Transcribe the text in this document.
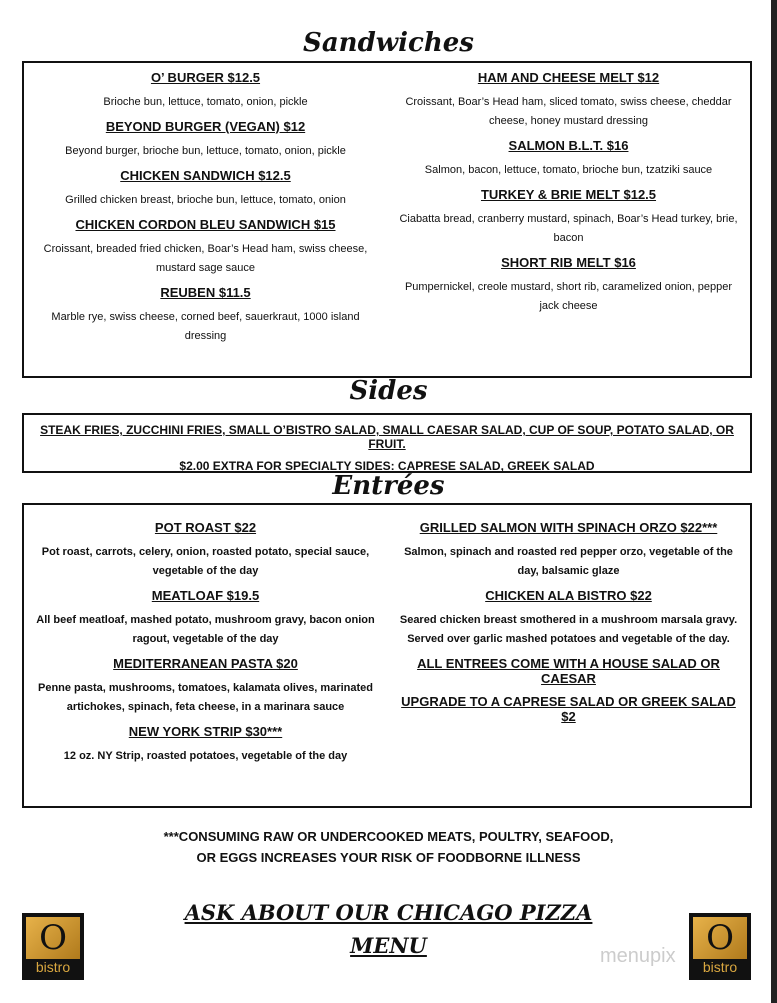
Sandwiches
O’ BURGER $12.5
Brioche bun, lettuce, tomato, onion, pickle
BEYOND BURGER (VEGAN) $12
Beyond burger, brioche bun, lettuce, tomato, onion, pickle
CHICKEN SANDWICH $12.5
Grilled chicken breast, brioche bun, lettuce, tomato, onion
CHICKEN CORDON BLEU SANDWICH $15
Croissant, breaded fried chicken, Boar’s Head ham, swiss cheese, mustard sage sauce
REUBEN $11.5
Marble rye, swiss cheese, corned beef, sauerkraut, 1000 island dressing
HAM AND CHEESE MELT $12
Croissant, Boar’s Head ham, sliced tomato, swiss cheese, cheddar cheese, honey mustard dressing
SALMON B.L.T. $16
Salmon, bacon, lettuce, tomato, brioche bun, tzatziki sauce
TURKEY & BRIE MELT $12.5
Ciabatta bread, cranberry mustard, spinach, Boar’s Head turkey, brie, bacon
SHORT RIB MELT $16
Pumpernickel, creole mustard, short rib, caramelized onion, pepper jack cheese
Sides
STEAK FRIES, ZUCCHINI FRIES, SMALL O’BISTRO SALAD, SMALL CAESAR SALAD, CUP OF SOUP, POTATO SALAD, OR FRUIT.
$2.00 EXTRA FOR SPECIALTY SIDES: CAPRESE SALAD, GREEK SALAD
Entrées
POT ROAST $22
Pot roast, carrots, celery, onion, roasted potato, special sauce, vegetable of the day
MEATLOAF $19.5
All beef meatloaf, mashed potato, mushroom gravy, bacon onion ragout, vegetable of the day
MEDITERRANEAN PASTA $20
Penne pasta, mushrooms, tomatoes, kalamata olives, marinated artichokes, spinach, feta cheese, in a marinara sauce
NEW YORK STRIP $30***
12 oz. NY Strip, roasted potatoes, vegetable of the day
GRILLED SALMON WITH SPINACH ORZO $22***
Salmon, spinach and roasted red pepper orzo, vegetable of the day, balsamic glaze
CHICKEN ALA BISTRO $22
Seared chicken breast smothered in a mushroom marsala gravy. Served over garlic mashed potatoes and vegetable of the day.
ALL ENTREES COME WITH A HOUSE SALAD OR CAESAR
UPGRADE TO A CAPRESE SALAD OR GREEK SALAD $2
***CONSUMING RAW OR UNDERCOOKED MEATS, POULTRY, SEAFOOD,
OR EGGS INCREASES YOUR RISK OF FOODBORNE ILLNESS
ASK ABOUT OUR CHICAGO PIZZA
MENU	menupix
O
bistro
O
bistro
